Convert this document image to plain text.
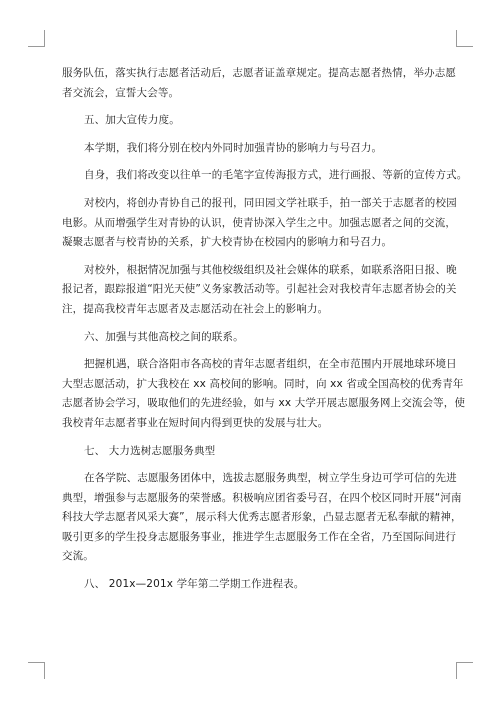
服务队伍，落实执行志愿者活动后，志愿者证盖章规定。提高志愿者热情，举办志愿
者交流会，宣誓大会等。
五、加大宣传力度。
本学期，我们将分别在校内外同时加强青协的影响力与号召力。
自身，我们将改变以往单一的毛笔字宣传海报方式，进行画报、等新的宣传方式。
对校内，将创办青协自己的报刊，同田园文学社联手，拍一部关于志愿者的校园
电影。从而增强学生对青协的认识，使青协深入学生之中。加强志愿者之间的交流，
凝聚志愿者与校青协的关系，扩大校青协在校园内的影响力和号召力。
对校外，根据情况加强与其他校级组织及社会媒体的联系，如联系洛阳日报、晚
报记者，跟踪报道“阳光天使”义务家教活动等。引起社会对我校青年志愿者协会的关
注，提高我校青年志愿者及志愿活动在社会上的影响力。
六、加强与其他高校之间的联系。
把握机遇，联合洛阳市各高校的青年志愿者组织，在全市范围内开展地球环境日
大型志愿活动，扩大我校在 xx 高校间的影响。同时，向 xx 省或全国高校的优秀青年
志愿者协会学习，吸取他们的先进经验，如与 xx 大学开展志愿服务网上交流会等，使
我校青年志愿者事业在短时间内得到更快的发展与壮大。
七、 大力选树志愿服务典型
在各学院、志愿服务团体中，选拔志愿服务典型，树立学生身边可学可信的先进
典型，增强参与志愿服务的荣誉感。积极响应团省委号召，在四个校区同时开展“河南
科技大学志愿者风采大赛”，展示科大优秀志愿者形象，凸显志愿者无私奉献的精神，
吸引更多的学生投身志愿服务事业，推进学生志愿服务工作在全省，乃至国际间进行
交流。
八、 201x—201x 学年第二学期工作进程表。
